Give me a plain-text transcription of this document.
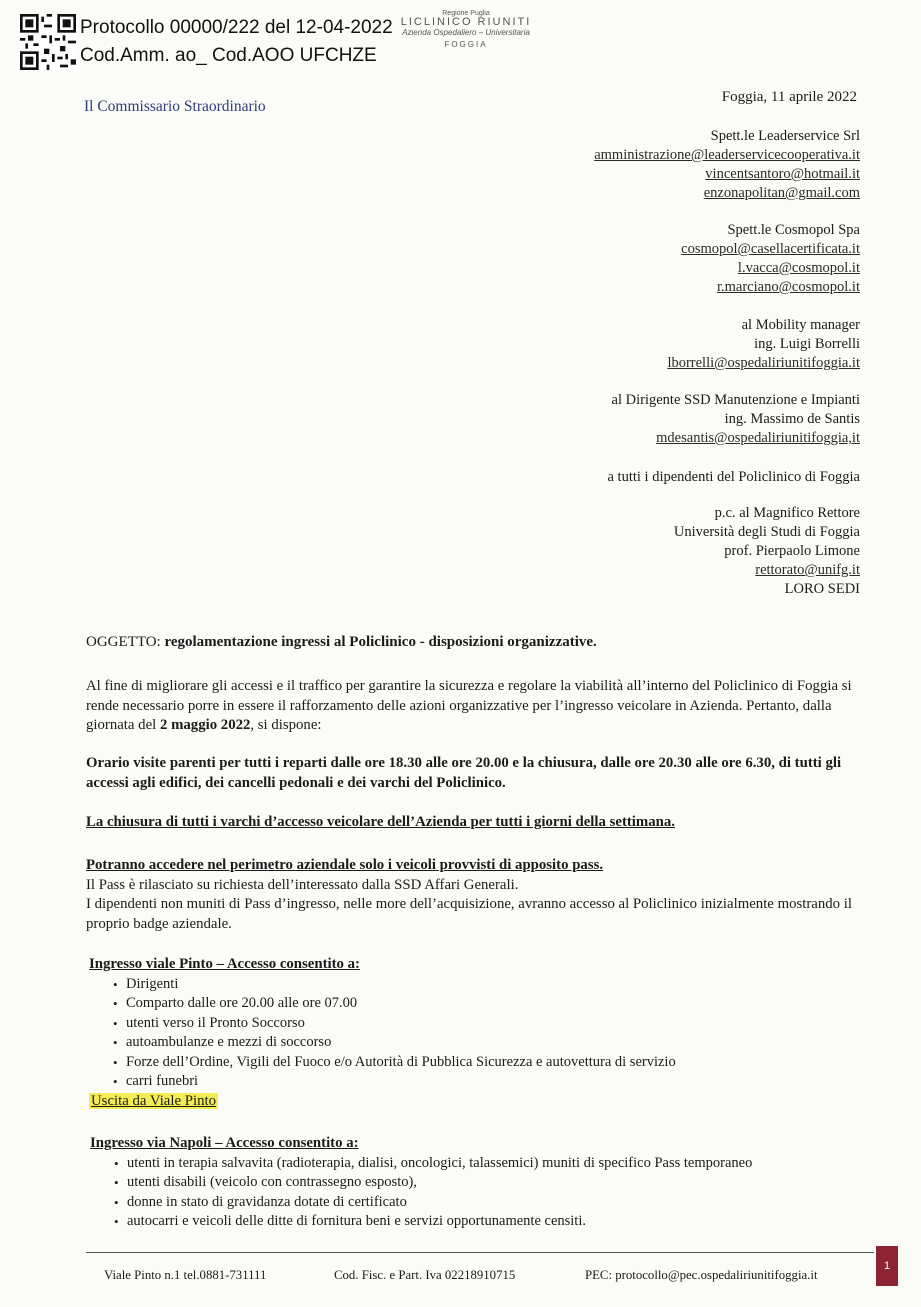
Protocollo 00000/222 del 12-04-2022
Cod.Amm. ao_ Cod.AOO UFCHZE
Regione Puglia
LICLINICO RIUNITI
Azienda Ospedaliero – Universitaria
FOGGIA
Il Commissario Straordinario
Foggia, 11 aprile 2022
Spett.le Leaderservice Srl
amministrazione@leaderservicecooperativa.it
vincentsantoro@hotmail.it
enzonapolitan@gmail.com
Spett.le Cosmopol Spa
cosmopol@casellacertificata.it
l.vacca@cosmopol.it
r.marciano@cosmopol.it
al Mobility manager
ing. Luigi Borrelli
lborrelli@ospedaliriunitifoggia.it
al Dirigente SSD Manutenzione e Impianti
ing. Massimo de Santis
mdesantis@ospedaliriunitifoggia,it
a tutti i dipendenti del Policlinico di Foggia
p.c. al Magnifico Rettore
Università degli Studi di Foggia
prof. Pierpaolo Limone
rettorato@unifg.it
LORO SEDI
OGGETTO: regolamentazione ingressi al Policlinico - disposizioni organizzative.
Al fine di migliorare gli accessi e il traffico per garantire la sicurezza e regolare la viabilità all’interno del Policlinico di Foggia si rende necessario porre in essere il rafforzamento delle azioni organizzative per l’ingresso veicolare in Azienda. Pertanto, dalla giornata del 2 maggio 2022, si dispone:
Orario visite parenti per tutti i reparti dalle ore 18.30 alle ore 20.00 e la chiusura, dalle ore 20.30 alle ore 6.30, di tutti gli accessi agli edifici, dei cancelli pedonali e dei varchi del Policlinico.
La chiusura di tutti i varchi d’accesso veicolare dell’Azienda per tutti i giorni della settimana.
Potranno accedere nel perimetro aziendale solo i veicoli provvisti di apposito pass.
Il Pass è rilasciato su richiesta dell’interessato dalla SSD Affari Generali.
I dipendenti non muniti di Pass d’ingresso, nelle more dell’acquisizione, avranno accesso al Policlinico inizialmente mostrando il proprio badge aziendale.
Ingresso viale Pinto – Accesso consentito a:
• Dirigenti
• Comparto dalle ore 20.00 alle ore 07.00
• utenti verso il Pronto Soccorso
• autoambulanze e mezzi di soccorso
• Forze dell’Ordine, Vigili del Fuoco e/o Autorità di Pubblica Sicurezza e autovettura di servizio
• carri funebri
Uscita da Viale Pinto
Ingresso via Napoli – Accesso consentito a:
• utenti in terapia salvavita (radioterapia, dialisi, oncologici, talassemici) muniti di specifico Pass temporaneo
• utenti disabili (veicolo con contrassegno esposto),
• donne in stato di gravidanza dotate di certificato
• autocarri e veicoli delle ditte di fornitura beni e servizi opportunamente censiti.
Viale Pinto n.1 tel.0881-731111	Cod. Fisc. e Part. Iva 02218910715	PEC: protocollo@pec.ospedaliriunitifoggia.it
1
